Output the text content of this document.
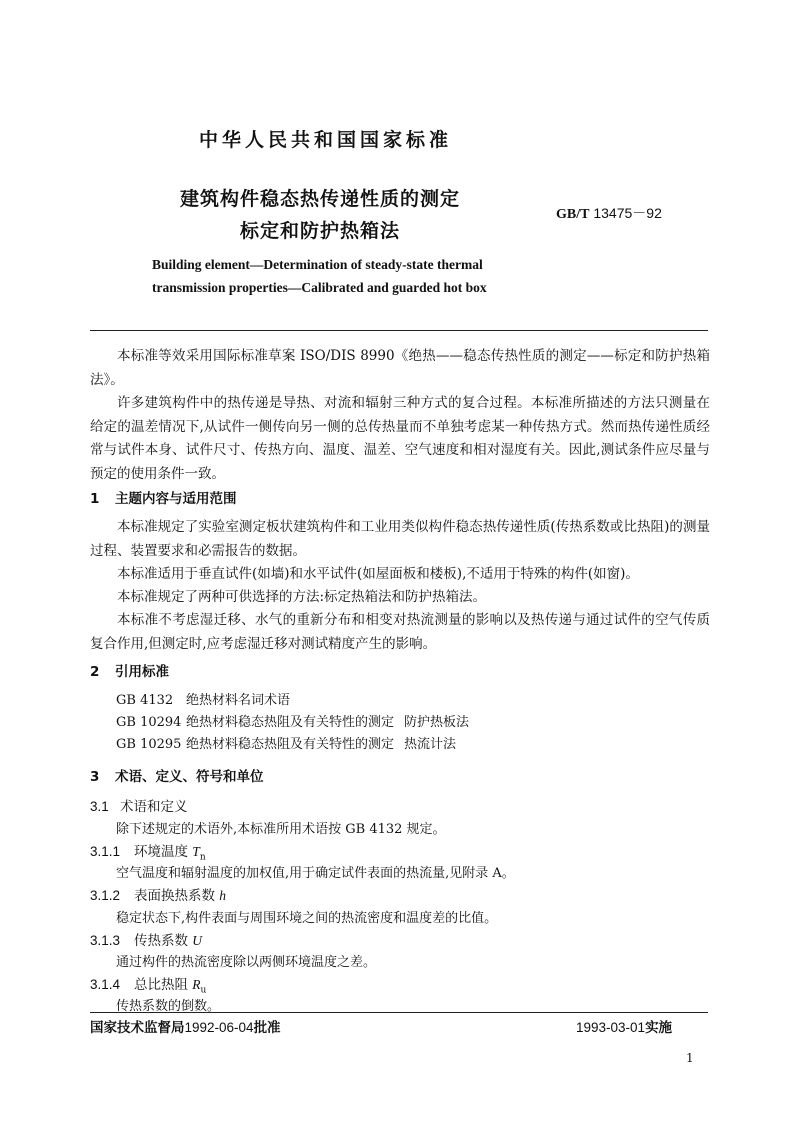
中华人民共和国国家标准
建筑构件稳态热传递性质的测定
标定和防护热箱法
GB/T 13475－92
Building element—Determination of steady-state thermal
transmission properties—Calibrated and guarded hot box

本标准等效采用国际标准草案 ISO/DIS 8990《绝热——稳态传热性质的测定——标定和防护热箱法》。

许多建筑构件中的热传递是导热、对流和辐射三种方式的复合过程。本标准所描述的方法只测量在给定的温差情况下,从试件一侧传向另一侧的总传热量而不单独考虑某一种传热方式。然而热传递性质经常与试件本身、试件尺寸、传热方向、温度、温差、空气速度和相对湿度有关。因此,测试条件应尽量与预定的使用条件一致。

1 主题内容与适用范围

本标准规定了实验室测定板状建筑构件和工业用类似构件稳态热传递性质(传热系数或比热阻)的测量过程、装置要求和必需报告的数据。

本标准适用于垂直试件(如墙)和水平试件(如屋面板和楼板),不适用于特殊的构件(如窗)。

本标准规定了两种可供选择的方法:标定热箱法和防护热箱法。

本标准不考虑湿迁移、水气的重新分布和相变对热流测量的影响以及热传递与通过试件的空气传质复合作用,但测定时,应考虑湿迁移对测试精度产生的影响。

2 引用标准
GB 4132 绝热材料名词术语
GB 10294 绝热材料稳态热阻及有关特性的测定 防护热板法
GB 10295 绝热材料稳态热阻及有关特性的测定 热流计法
3 术语、定义、符号和单位
3.1 术语和定义
除下述规定的术语外,本标准所用术语按 GB 4132 规定。
3.1.1 环境温度 $T_n$
空气温度和辐射温度的加权值,用于确定试件表面的热流量,见附录 A。
3.1.2 表面换热系数 h
稳定状态下,构件表面与周围环境之间的热流密度和温度差的比值。
3.1.3 传热系数 U
通过构件的热流密度除以两侧环境温度之差。
3.1.4 总比热阻 $R_u$
传热系数的倒数。
国家技术监督局1992-06-04批准	1993-03-01实施
1
